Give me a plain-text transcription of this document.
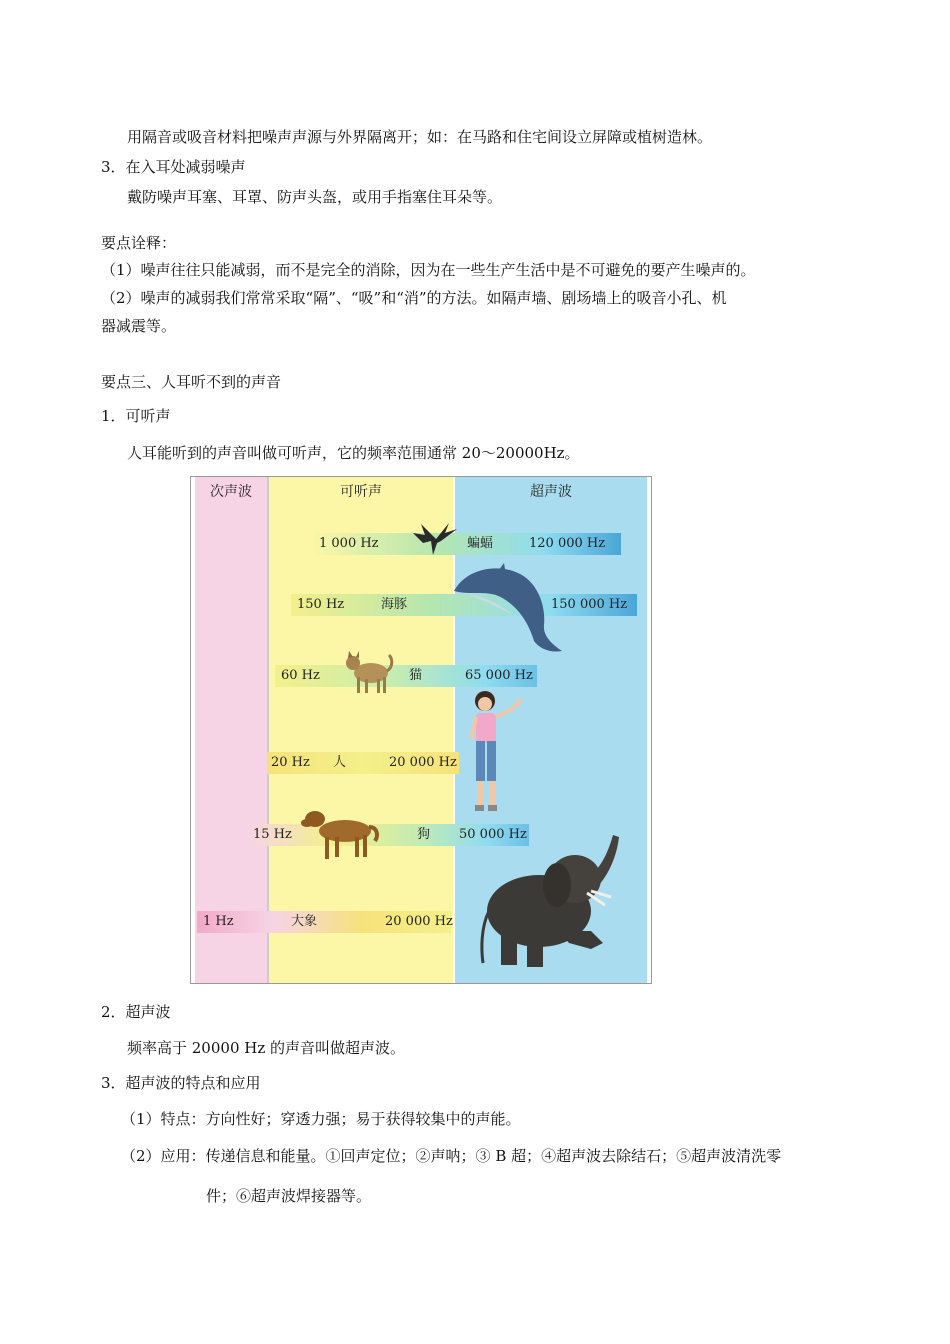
用隔音或吸音材料把噪声声源与外界隔离开；如：在马路和住宅间设立屏障或植树造林。
3．在入耳处减弱噪声
戴防噪声耳塞、耳罩、防声头盔，或用手指塞住耳朵等。
要点诠释：
（1）噪声往往只能减弱，而不是完全的消除，因为在一些生产生活中是不可避免的要产生噪声的。
（2）噪声的减弱我们常常采取“隔”、“吸”和“消”的方法。如隔声墙、剧场墙上的吸音小孔、机
器减震等。
要点三、人耳听不到的声音
1．可听声
人耳能听到的声音叫做可听声，它的频率范围通常 20～20000Hz。
次声波	可听声	超声波
1 000 Hz	蝙蝠	120 000 Hz
150 Hz	海豚	150 000 Hz
60 Hz	猫	65 000 Hz
20 Hz 人	20 000 Hz
15 Hz	狗 50 000 Hz
1 Hz	大象	20 000 Hz
2．超声波
频率高于 20000 Hz 的声音叫做超声波。
3．超声波的特点和应用
（1）特点：方向性好；穿透力强；易于获得较集中的声能。
（2）应用：传递信息和能量。①回声定位；②声呐；③ B 超；④超声波去除结石；⑤超声波清洗零
件；⑥超声波焊接器等。
